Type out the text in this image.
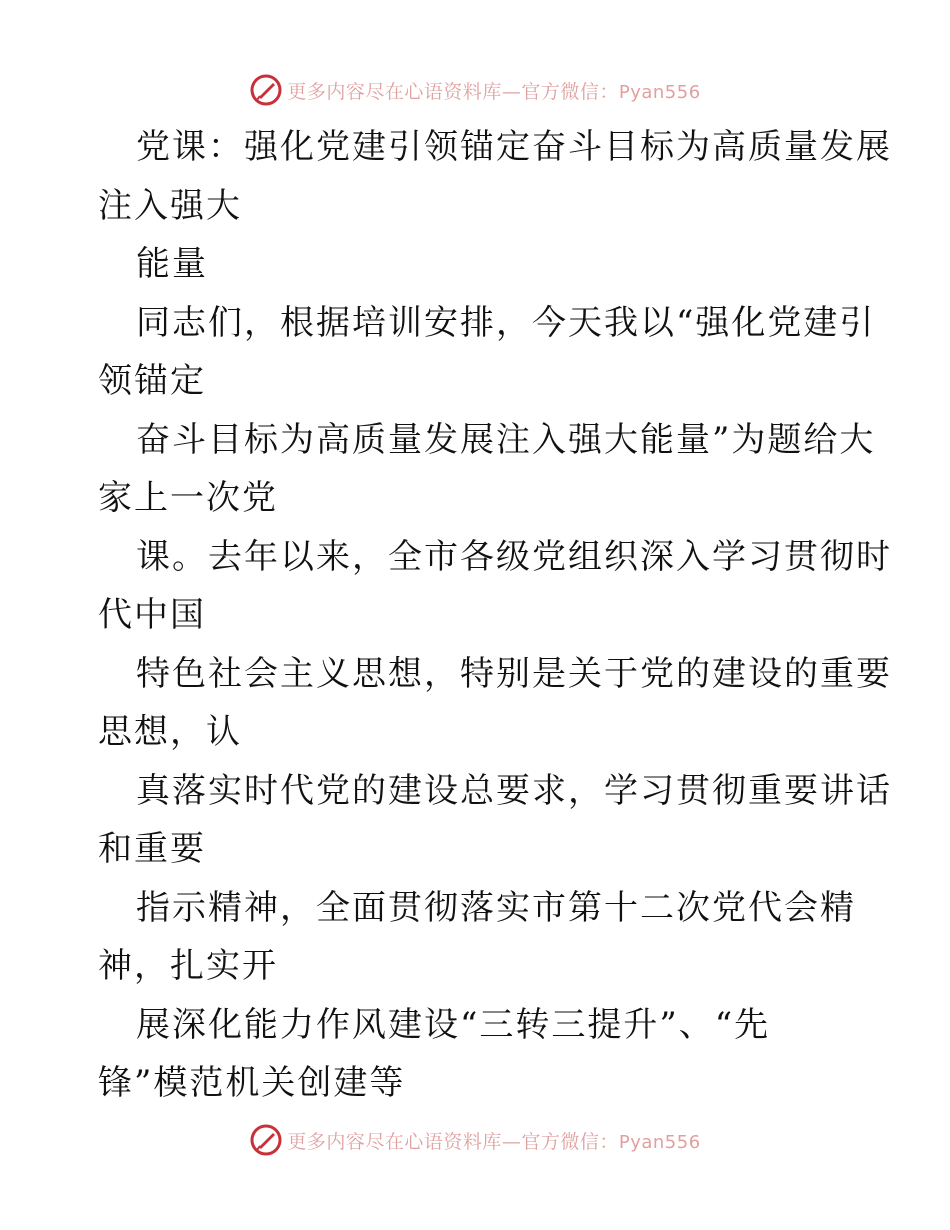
更多内容尽在心语资料库—官方微信：Pyan556
党课：强化党建引领锚定奋斗目标为高质量发展
注入强大
能量
同志们，根据培训安排，今天我以“强化党建引
领锚定
奋斗目标为高质量发展注入强大能量”为题给大
家上一次党
课。去年以来，全市各级党组织深入学习贯彻时
代中国
特色社会主义思想，特别是关于党的建设的重要
思想，认
真落实时代党的建设总要求，学习贯彻重要讲话
和重要
指示精神，全面贯彻落实市第十二次党代会精
神，扎实开
展深化能力作风建设“三转三提升”、“先
锋”模范机关创建等
更多内容尽在心语资料库—官方微信：Pyan556
